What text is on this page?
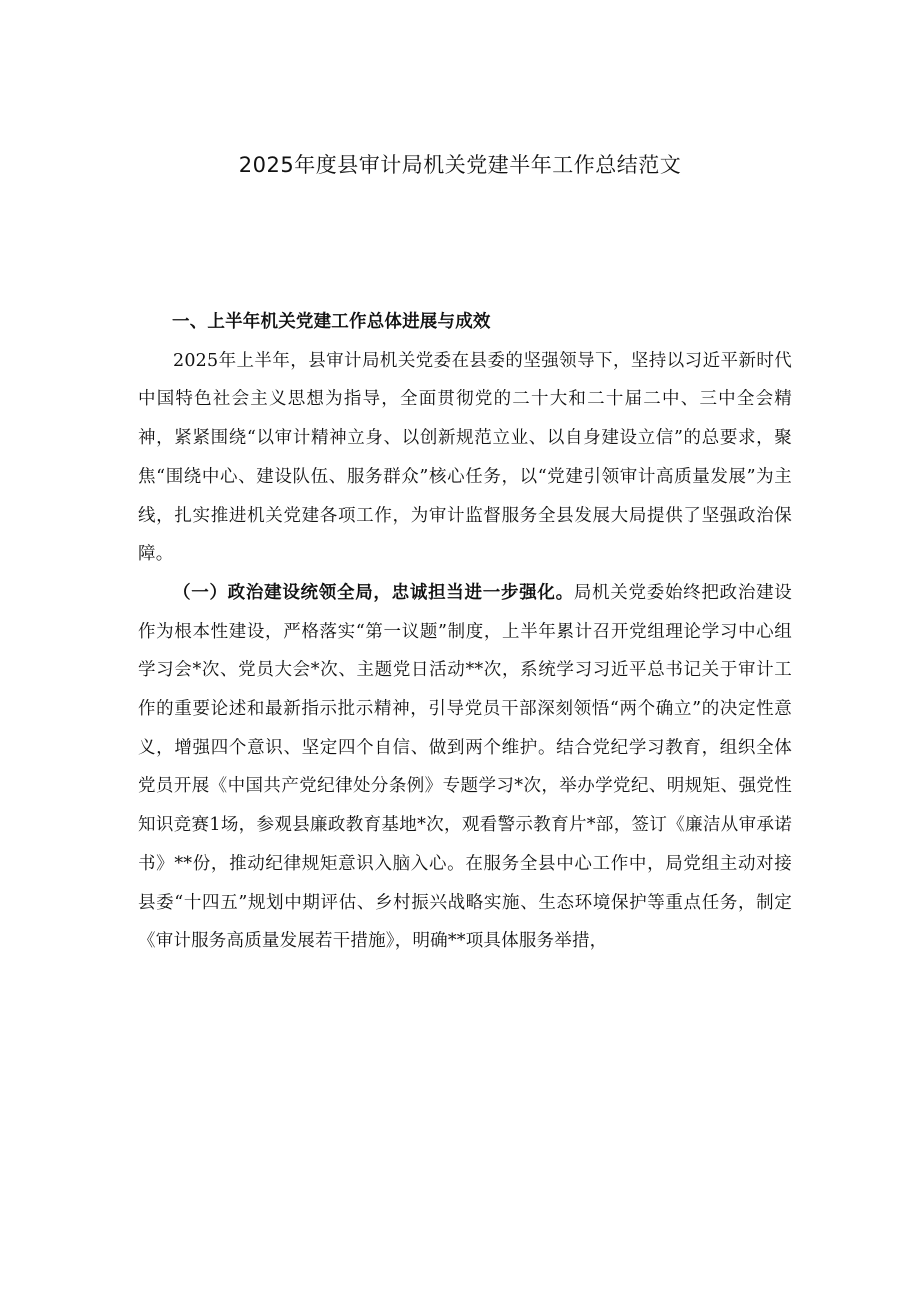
2025年度县审计局机关党建半年工作总结范文

一、上半年机关党建工作总体进展与成效

2025年上半年，县审计局机关党委在县委的坚强领导下，坚持以习近平新时代中国特色社会主义思想为指导，全面贯彻党的二十大和二十届二中、三中全会精神，紧紧围绕“以审计精神立身、以创新规范立业、以自身建设立信”的总要求，聚焦“围绕中心、建设队伍、服务群众”核心任务，以“党建引领审计高质量发展”为主线，扎实推进机关党建各项工作，为审计监督服务全县发展大局提供了坚强政治保障。

（一）政治建设统领全局，忠诚担当进一步强化。局机关党委始终把政治建设作为根本性建设，严格落实“第一议题”制度，上半年累计召开党组理论学习中心组学习会*次、党员大会*次、主题党日活动**次，系统学习习近平总书记关于审计工作的重要论述和最新指示批示精神，引导党员干部深刻领悟“两个确立”的决定性意义，增强四个意识、坚定四个自信、做到两个维护。结合党纪学习教育，组织全体党员开展《中国共产党纪律处分条例》专题学习*次，举办学党纪、明规矩、强党性知识竞赛1场，参观县廉政教育基地*次，观看警示教育片*部，签订《廉洁从审承诺书》**份，推动纪律规矩意识入脑入心。在服务全县中心工作中，局党组主动对接县委“十四五”规划中期评估、乡村振兴战略实施、生态环境保护等重点任务，制定《审计服务高质量发展若干措施》，明确**项具体服务举措，
